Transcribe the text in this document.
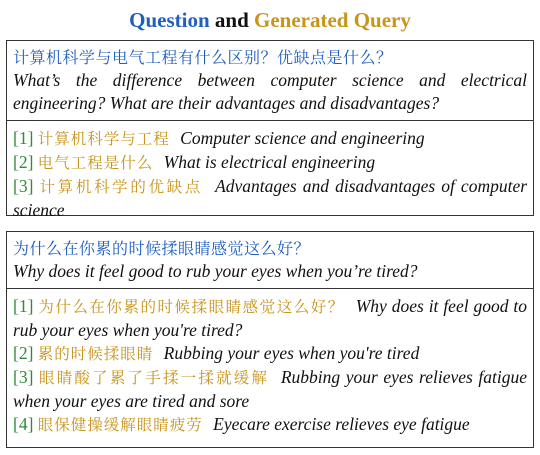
Question and Generated Query
计算机科学与电气工程有什么区别？优缺点是什么？
What’s the difference between computer science and electrical engineering? What are their advantages and disadvantages?

[1] 计算机科学与工程 Computer science and engineering

[2] 电气工程是什么 What is electrical engineering

[3] 计算机科学的优缺点 Advantages and disadvantages of computer science

为什么在你累的时候揉眼睛感觉这么好？
Why does it feel good to rub your eyes when you’re tired?

[1] 为什么在你累的时候揉眼睛感觉这么好？ Why does it feel good to rub your eyes when you're tired?

[2] 累的时候揉眼睛 Rubbing your eyes when you're tired

[3] 眼睛酸了累了手揉一揉就缓解 Rubbing your eyes relieves fatigue when your eyes are tired and sore

[4] 眼保健操缓解眼睛疲劳 Eyecare exercise relieves eye fatigue
